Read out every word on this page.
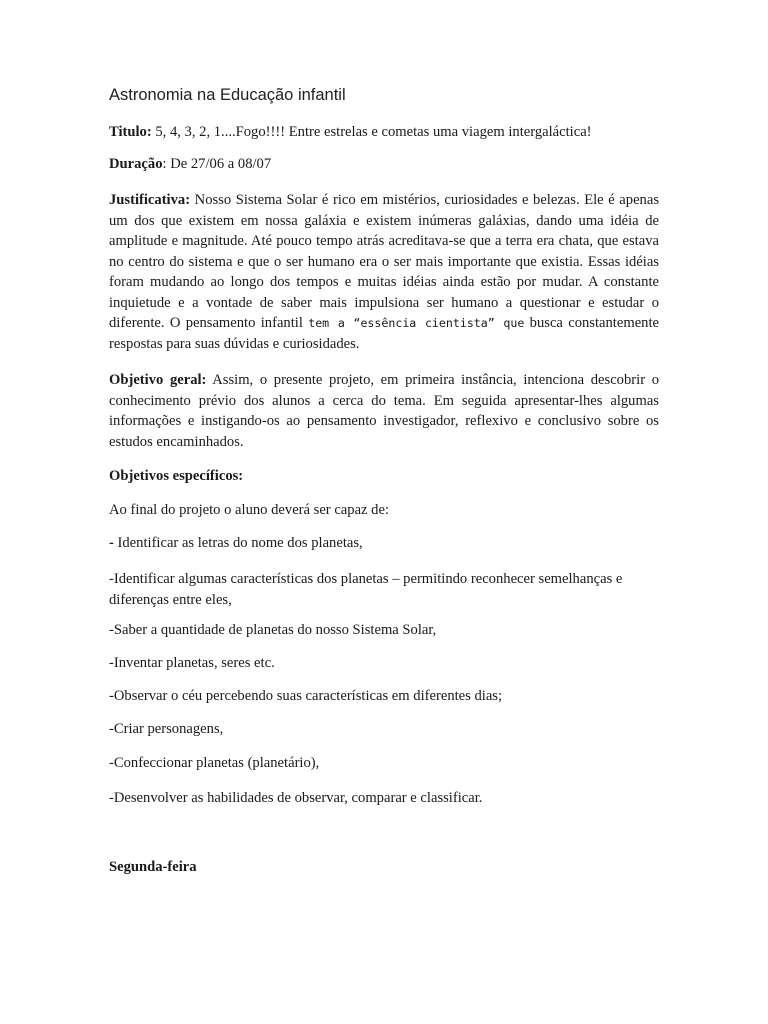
Astronomia na Educação infantil
Titulo: 5, 4, 3, 2, 1....Fogo!!!! Entre estrelas e cometas uma viagem intergaláctica!
Duração: De 27/06 a 08/07
Justificativa: Nosso Sistema Solar é rico em mistérios, curiosidades e belezas. Ele é apenas um dos que existem em nossa galáxia e existem inúmeras galáxias, dando uma idéia de amplitude e magnitude. Até pouco tempo atrás acreditava-se que a terra era chata, que estava no centro do sistema e que o ser humano era o ser mais importante que existia. Essas idéias foram mudando ao longo dos tempos e muitas idéias ainda estão por mudar. A constante inquietude e a vontade de saber mais impulsiona ser humano a questionar e estudar o diferente. O pensamento infantil tem a “essência cientista” que busca constantemente respostas para suas dúvidas e curiosidades.
Objetivo geral: Assim, o presente projeto, em primeira instância, intenciona descobrir o conhecimento prévio dos alunos a cerca do tema. Em seguida apresentar-lhes algumas informações e instigando-os ao pensamento investigador, reflexivo e conclusivo sobre os estudos encaminhados.
Objetivos específicos:
Ao final do projeto o aluno deverá ser capaz de:
- Identificar as letras do nome dos planetas,
-Identificar algumas características dos planetas – permitindo reconhecer semelhanças e diferenças entre eles,
-Saber a quantidade de planetas do nosso Sistema Solar,
-Inventar planetas, seres etc.
-Observar o céu percebendo suas características em diferentes dias;
-Criar personagens,
-Confeccionar planetas (planetário),
-Desenvolver as habilidades de observar, comparar e classificar.
Segunda-feira
